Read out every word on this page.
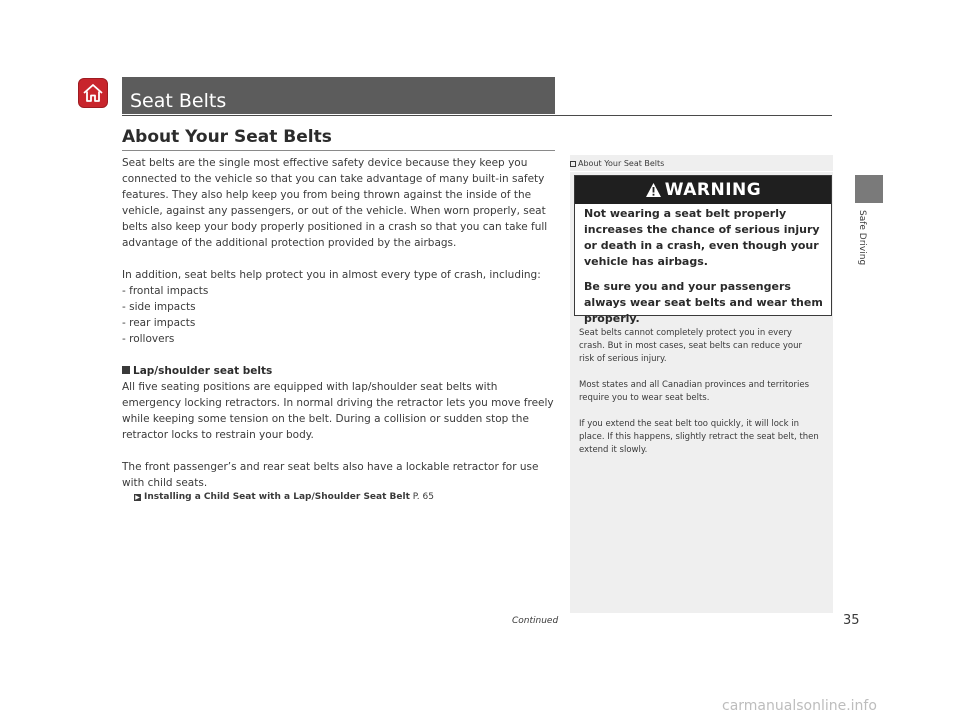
Seat Belts
About Your Seat Belts

Seat belts are the single most effective safety device because they keep you connected to the vehicle so that you can take advantage of many built-in safety features. They also help keep you from being thrown against the inside of the vehicle, against any passengers, or out of the vehicle. When worn properly, seat belts also keep your body properly positioned in a crash so that you can take full advantage of the additional protection provided by the airbags.

In addition, seat belts help protect you in almost every type of crash, including:

- frontal impacts

- side impacts

- rear impacts

- rollovers

Lap/shoulder seat belts

All five seating positions are equipped with lap/shoulder seat belts with emergency locking retractors. In normal driving the retractor lets you move freely while keeping some tension on the belt. During a collision or sudden stop the retractor locks to restrain your body.

The front passenger’s and rear seat belts also have a lockable retractor for use with child seats.

▶ Installing a Child Seat with a Lap/Shoulder Seat Belt P. 65

About Your Seat Belts
WARNING

Not wearing a seat belt properly increases the chance of serious injury or death in a crash, even though your vehicle has airbags.

Be sure you and your passengers always wear seat belts and wear them properly.

Seat belts cannot completely protect you in every crash. But in most cases, seat belts can reduce your risk of serious injury.

Most states and all Canadian provinces and territories require you to wear seat belts.

If you extend the seat belt too quickly, it will lock in place. If this happens, slightly retract the seat belt, then extend it slowly.

Safe Driving
Continued	35
carmanualsonline.info
